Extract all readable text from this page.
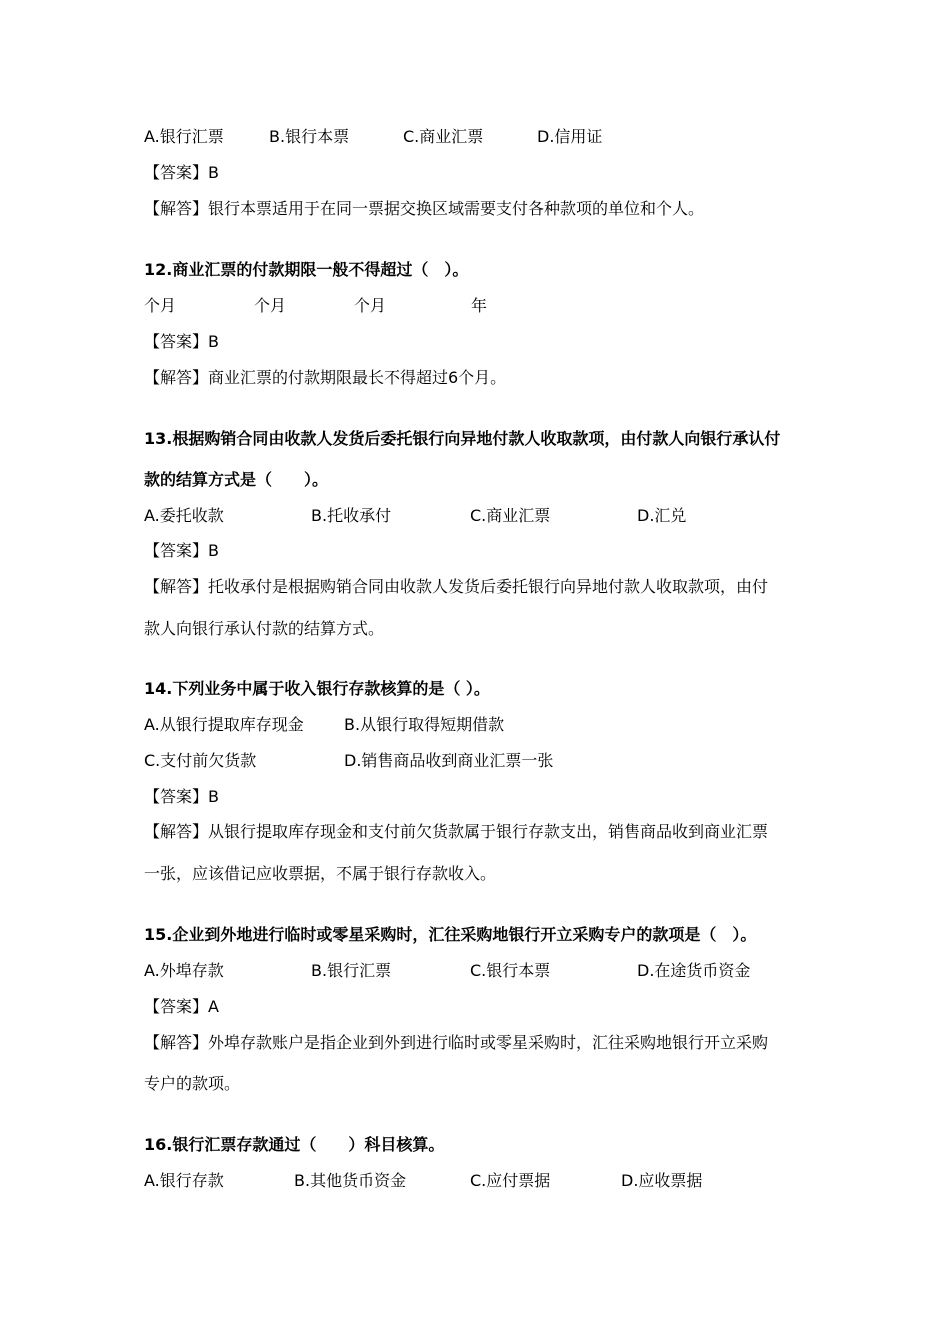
A.银行汇票	B.银行本票	C.商业汇票	D.信用证
【答案】B
【解答】银行本票适用于在同一票据交换区域需要支付各种款项的单位和个人。
12.商业汇票的付款期限一般不得超过（　）。
个月	个月	个月	年
【答案】B
【解答】商业汇票的付款期限最长不得超过6个月。
13.根据购销合同由收款人发货后委托银行向异地付款人收取款项，由付款人向银行承认付
款的结算方式是（　　）。
A.委托收款	B.托收承付	C.商业汇票	D.汇兑
【答案】B
【解答】托收承付是根据购销合同由收款人发货后委托银行向异地付款人收取款项，由付
款人向银行承认付款的结算方式。
14.下列业务中属于收入银行存款核算的是（ ）。
A.从银行提取库存现金	B.从银行取得短期借款
C.支付前欠货款	D.销售商品收到商业汇票一张
【答案】B
【解答】从银行提取库存现金和支付前欠货款属于银行存款支出，销售商品收到商业汇票
一张，应该借记应收票据，不属于银行存款收入。
15.企业到外地进行临时或零星采购时，汇往采购地银行开立采购专户的款项是（　）。
A.外埠存款	B.银行汇票	C.银行本票	D.在途货币资金
【答案】A
【解答】外埠存款账户是指企业到外到进行临时或零星采购时，汇往采购地银行开立采购
专户的款项。
16.银行汇票存款通过（　　）科目核算。
A.银行存款	B.其他货币资金	C.应付票据	D.应收票据
